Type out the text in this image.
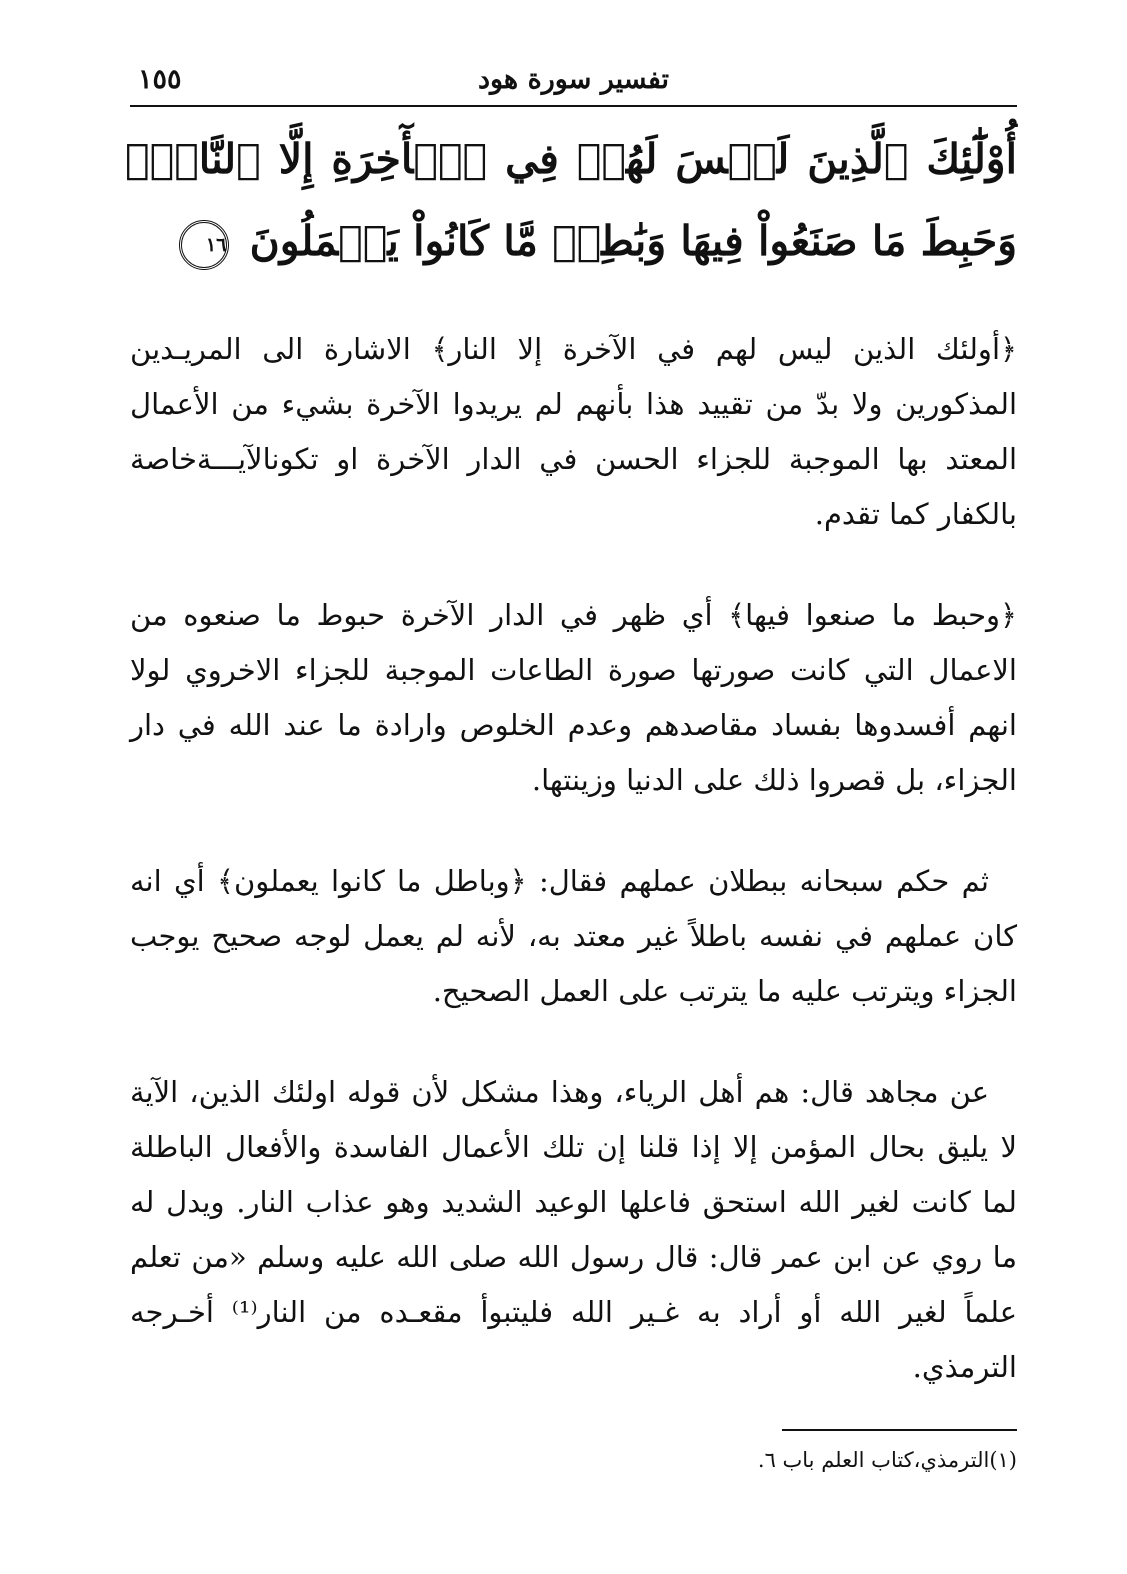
تفسير سورة هود
١٥٥
أُوْلَٰٓئِكَ ٱلَّذِينَ لَيۡسَ لَهُمۡ فِي ٱلۡأٓخِرَةِ إِلَّا ٱلنَّارُۖ وَحَبِطَ مَا صَنَعُواْ فِيهَا وَبَٰطِلٞ مَّا كَانُواْ يَعۡمَلُونَ ١٦

﴿أولئك الذين ليس لهم في الآخرة إلا النار﴾ الاشارة الى المريـدين المذكورين ولا بدّ من تقييد هذا بأنهم لم يريدوا الآخرة بشيء من الأعمال المعتد بها الموجبة للجزاء الحسن في الدار الآخرة او تكونالآيـــةخاصة بالكفار كما تقدم.

﴿وحبط ما صنعوا فيها﴾ أي ظهر في الدار الآخرة حبوط ما صنعوه من الاعمال التي كانت صورتها صورة الطاعات الموجبة للجزاء الاخروي لولا انهم أفسدوها بفساد مقاصدهم وعدم الخلوص وارادة ما عند الله في دار الجزاء، بل قصروا ذلك على الدنيا وزينتها.

ثم حكم سبحانه ببطلان عملهم فقال: ﴿وباطل ما كانوا يعملون﴾ أي انه كان عملهم في نفسه باطلاً غير معتد به، لأنه لم يعمل لوجه صحيح يوجب الجزاء ويترتب عليه ما يترتب على العمل الصحيح.

عن مجاهد قال: هم أهل الرياء، وهذا مشكل لأن قوله اولئك الذين، الآية لا يليق بحال المؤمن إلا إذا قلنا إن تلك الأعمال الفاسدة والأفعال الباطلة لما كانت لغير الله استحق فاعلها الوعيد الشديد وهو عذاب النار. ويدل له ما روي عن ابن عمر قال: قال رسول الله صلى الله عليه وسلم «من تعلم علماً لغير الله أو أراد به غـير الله فليتبوأ مقعـده من النار⁽¹⁾ أخـرجه الترمذي.

(١)الترمذي،كتاب العلم باب ٦.
